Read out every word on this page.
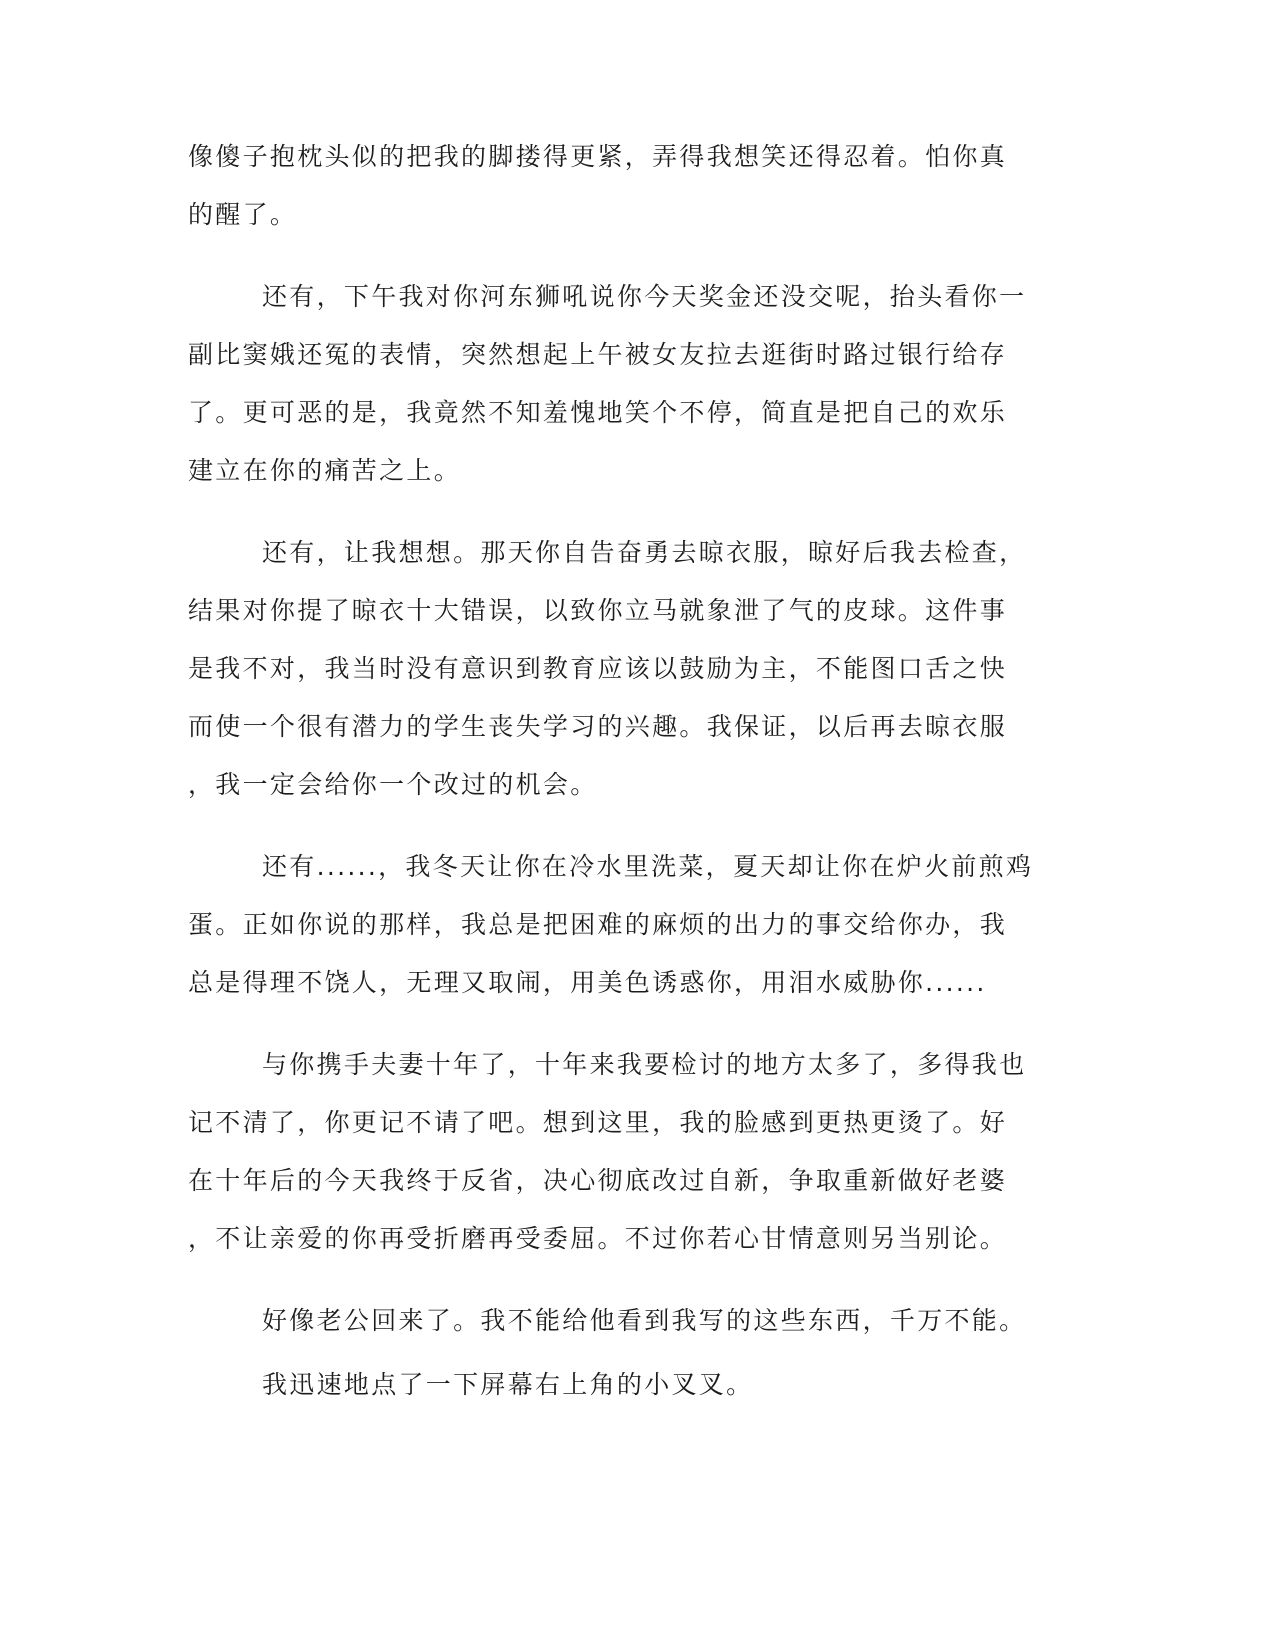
像傻子抱枕头似的把我的脚搂得更紧，弄得我想笑还得忍着。怕你真
的醒了。
还有，下午我对你河东狮吼说你今天奖金还没交呢，抬头看你一
副比窦娥还冤的表情，突然想起上午被女友拉去逛街时路过银行给存
了。更可恶的是，我竟然不知羞愧地笑个不停，简直是把自己的欢乐
建立在你的痛苦之上。
还有，让我想想。那天你自告奋勇去晾衣服，晾好后我去检查，
结果对你提了晾衣十大错误，以致你立马就象泄了气的皮球。这件事
是我不对，我当时没有意识到教育应该以鼓励为主，不能图口舌之快
而使一个很有潜力的学生丧失学习的兴趣。我保证，以后再去晾衣服
，我一定会给你一个改过的机会。
还有......，我冬天让你在冷水里洗菜，夏天却让你在炉火前煎鸡
蛋。正如你说的那样，我总是把困难的麻烦的出力的事交给你办，我
总是得理不饶人，无理又取闹，用美色诱惑你，用泪水威胁你......
与你携手夫妻十年了，十年来我要检讨的地方太多了，多得我也
记不清了，你更记不请了吧。想到这里，我的脸感到更热更烫了。好
在十年后的今天我终于反省，决心彻底改过自新，争取重新做好老婆
，不让亲爱的你再受折磨再受委屈。不过你若心甘情意则另当别论。
好像老公回来了。我不能给他看到我写的这些东西，千万不能。
我迅速地点了一下屏幕右上角的小叉叉。
